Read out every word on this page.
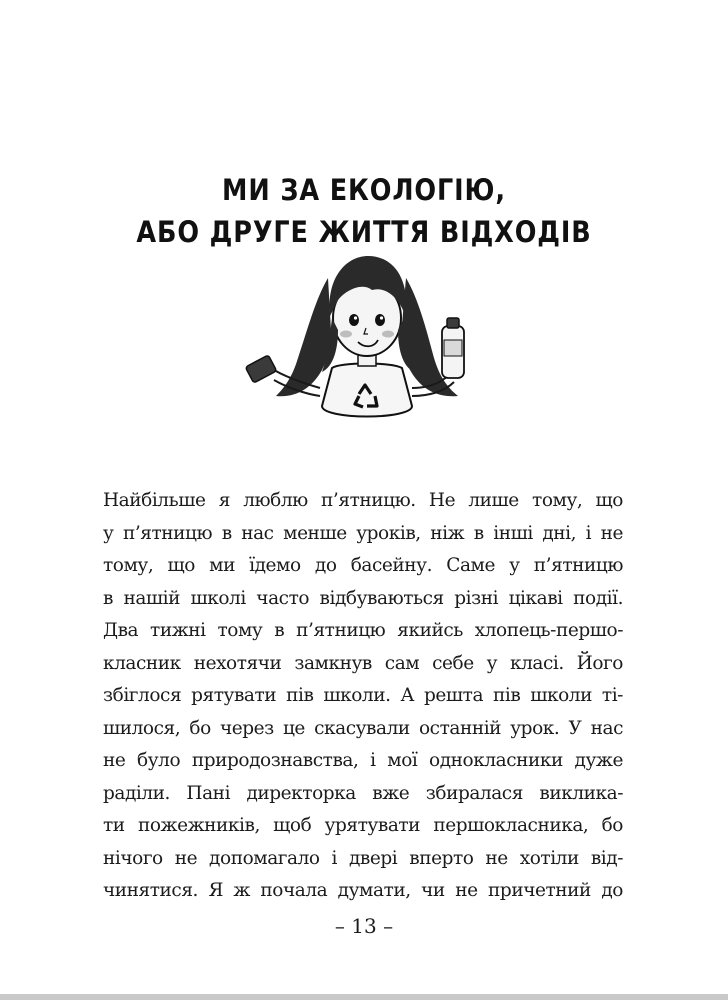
МИ ЗА ЕКОЛОГІЮ,
АБО ДРУГЕ ЖИТТЯ ВІДХОДІВ
Найбільше я люблю п’ятницю. Не лише тому, що
у п’ятницю в нас менше уроків, ніж в інші дні, і не
тому, що ми їдемо до басейну. Саме у п’ятницю
в нашій школі часто відбуваються різні цікаві події.
Два тижні тому в п’ятницю якийсь хлопець-першо-
класник нехотячи замкнув сам себе у класі. Його
збіглося рятувати пів школи. А решта пів школи ті-
шилося, бо через це скасували останній урок. У нас
не було природознавства, і мої однокласники дуже
раділи. Пані директорка вже збиралася виклика-
ти пожежників, щоб урятувати першокласника, бо
нічого не допомагало і двері вперто не хотіли від-
чинятися. Я ж почала думати, чи не причетний до
– 13 –
